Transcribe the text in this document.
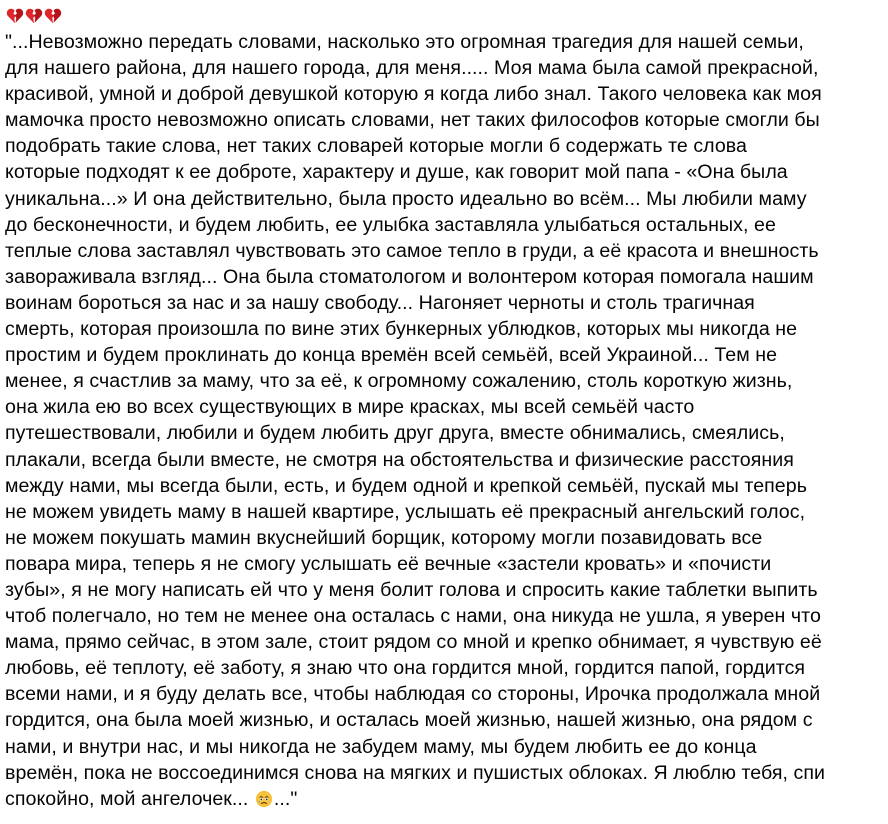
"...Невозможно передать словами, насколько это огромная трагедия для нашей семьи,
для нашего района, для нашего города, для меня..... Моя мама была самой прекрасной,
красивой, умной и доброй девушкой которую я когда либо знал. Такого человека как моя
мамочка просто невозможно описать словами, нет таких философов которые смогли бы
подобрать такие слова, нет таких словарей которые могли б содержать те слова
которые подходят к ее доброте, характеру и душе, как говорит мой папа - «Она была
уникальна...» И она действительно, была просто идеально во всём... Мы любили маму
до бесконечности, и будем любить, ее улыбка заставляла улыбаться остальных, ее
теплые слова заставлял чувствовать это самое тепло в груди, а её красота и внешность
завораживала взгляд... Она была стоматологом и волонтером которая помогала нашим
воинам бороться за нас и за нашу свободу... Нагоняет черноты и столь трагичная
смерть, которая произошла по вине этих бункерных ублюдков, которых мы никогда не
простим и будем проклинать до конца времён всей семьёй, всей Украиной... Тем не
менее, я счастлив за маму, что за её, к огромному сожалению, столь короткую жизнь,
она жила ею во всех существующих в мире красках, мы всей семьёй часто
путешествовали, любили и будем любить друг друга, вместе обнимались, смеялись,
плакали, всегда были вместе, не смотря на обстоятельства и физические расстояния
между нами, мы всегда были, есть, и будем одной и крепкой семьёй, пускай мы теперь
не можем увидеть маму в нашей квартире, услышать её прекрасный ангельский голос,
не можем покушать мамин вкуснейший борщик, которому могли позавидовать все
повара мира, теперь я не смогу услышать её вечные «застели кровать» и «почисти
зубы», я не могу написать ей что у меня болит голова и спросить какие таблетки выпить
чтоб полегчало, но тем не менее она осталась с нами, она никуда не ушла, я уверен что
мама, прямо сейчас, в этом зале, стоит рядом со мной и крепко обнимает, я чувствую её
любовь, её теплоту, её заботу, я знаю что она гордится мной, гордится папой, гордится
всеми нами, и я буду делать все, чтобы наблюдая со стороны, Ирочка продолжала мной
гордится, она была моей жизнью, и осталась моей жизнью, нашей жизнью, она рядом с
нами, и внутри нас, и мы никогда не забудем маму, мы будем любить ее до конца
времён, пока не воссоединимся снова на мягких и пушистых облоках. Я люблю тебя, спи
спокойно, мой ангелочек... ..."
